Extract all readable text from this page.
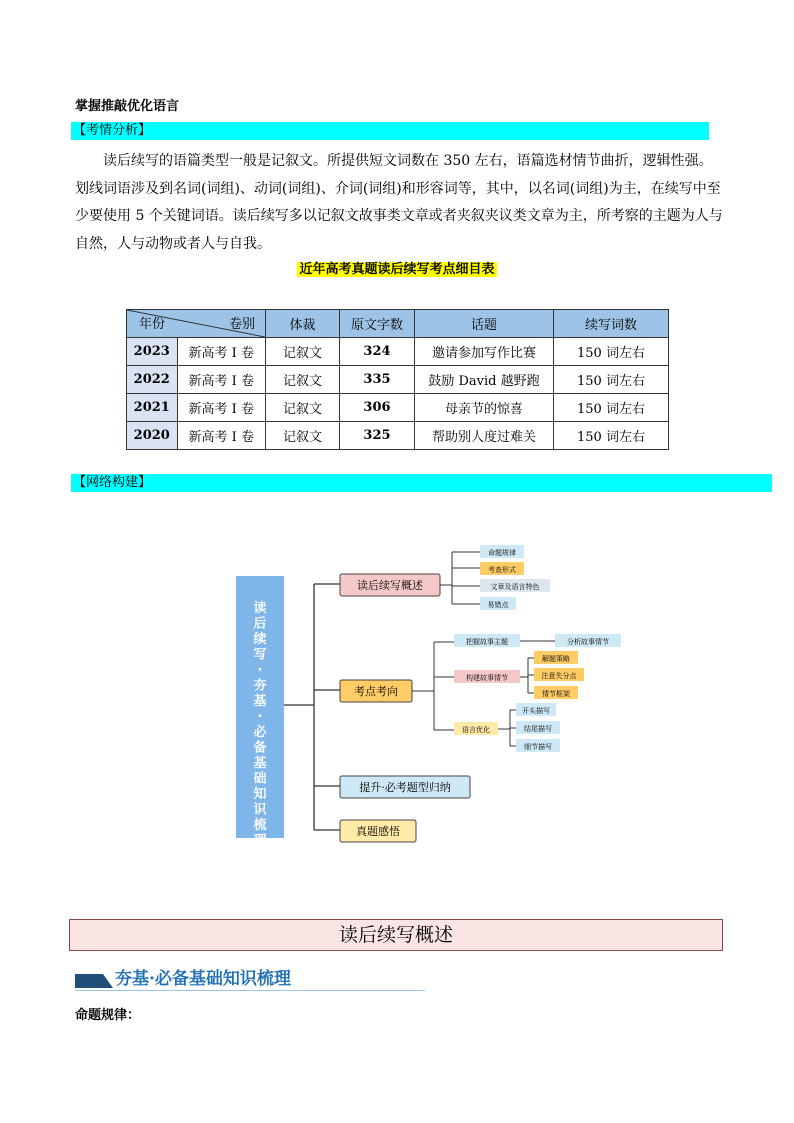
掌握推敲优化语言
【考情分析】
读后续写的语篇类型一般是记叙文。所提供短文词数在 350 左右，语篇选材情节曲折，逻辑性强。划线词语涉及到名词(词组)、动词(词组)、介词(词组)和形容词等，其中，以名词(词组)为主，在续写中至少要使用 5 个关键词语。读后续写多以记叙文故事类文章或者夹叙夹议类文章为主，所考察的主题为人与自然，人与动物或者人与自我。
近年高考真题读后续写考点细目表
年份	卷别	体裁	原文字数	话题	续写词数
2023	新高考 I 卷	记叙文	324	邀请参加写作比赛	150 词左右
2022	新高考 I 卷	记叙文	335	鼓励 David 越野跑	150 词左右
2021	新高考 I 卷	记叙文	306	母亲节的惊喜	150 词左右
2020	新高考 I 卷	记叙文	325	帮助别人度过难关	150 词左右
【网络构建】
读
后
续
写
·
夯
基
·
必
备
基
础
知
识
梳
理
读后续写概述
考点考向
提升·必考题型归纳
真题感悟
命题规律
考查形式
文章及语言特色
易错点
把握故事主题
构建故事情节
语言优化
分析故事情节
解题策略
注意失分点
情节框架
开头描写
结尾描写
细节描写
读后续写概述
夯基·必备基础知识梳理
命题规律：
